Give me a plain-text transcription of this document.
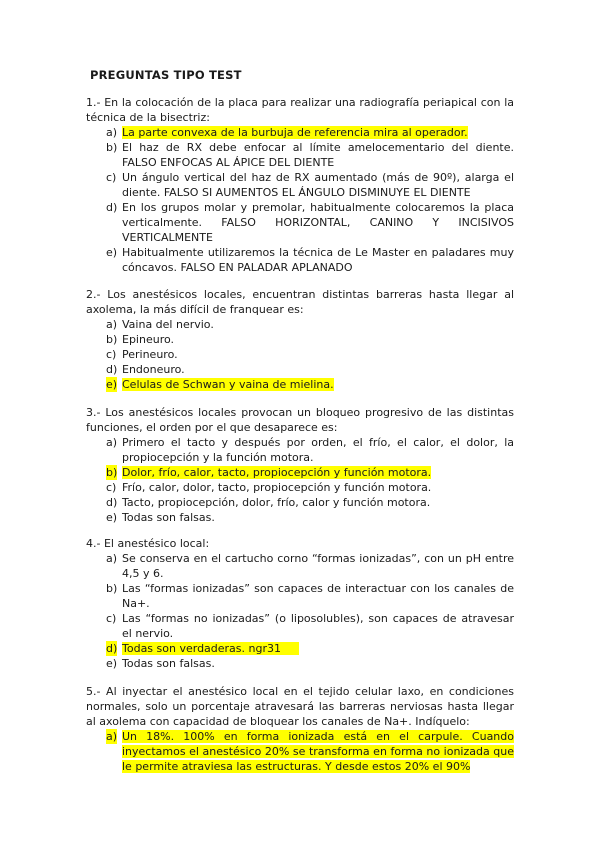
PREGUNTAS TIPO TEST
1.- En la colocación de la placa para realizar una radiografía periapical con la técnica de la bisectriz:
a) La parte convexa de la burbuja de referencia mira al operador.
b) El haz de RX debe enfocar al límite amelocementario del diente. FALSO ENFOCAS AL ÁPICE DEL DIENTE
c) Un ángulo vertical del haz de RX aumentado (más de 90º), alarga el diente. FALSO SI AUMENTOS EL ÁNGULO DISMINUYE EL DIENTE
d) En los grupos molar y premolar, habitualmente colocaremos la placa verticalmente. FALSO HORIZONTAL, CANINO Y INCISIVOS VERTICALMENTE
e) Habitualmente utilizaremos la técnica de Le Master en paladares muy cóncavos. FALSO EN PALADAR APLANADO
2.- Los anestésicos locales, encuentran distintas barreras hasta llegar al axolema, la más difícil de franquear es:
a) Vaina del nervio.
b) Epineuro.
c) Perineuro.
d) Endoneuro.
e) Celulas de Schwan y vaina de mielina.
3.- Los anestésicos locales provocan un bloqueo progresivo de las distintas funciones, el orden por el que desaparece es:
a) Primero el tacto y después por orden, el frío, el calor, el dolor, la propiocepción y la función motora.
b) Dolor, frío, calor, tacto, propiocepción y función motora.
c) Frío, calor, dolor, tacto, propiocepción y función motora.
d) Tacto, propiocepción, dolor, frío, calor y función motora.
e) Todas son falsas.
4.- El anestésico local:
a) Se conserva en el cartucho corno “formas ionizadas”, con un pH entre 4,5 y 6.
b) Las “formas ionizadas” son capaces de interactuar con los canales de Na+.
c) Las “formas no ionizadas” (o liposolubles), son capaces de atravesar el nervio.
d) Todas son verdaderas. ngr31
e) Todas son falsas.
5.- Al inyectar el anestésico local en el tejido celular laxo, en condiciones normales, solo un porcentaje atravesará las barreras nerviosas hasta llegar al axolema con capacidad de bloquear los canales de Na+. Indíquelo:
a) Un 18%. 100% en forma ionizada está en el carpule. Cuando inyectamos el anestésico 20% se transforma en forma no ionizada que le permite atraviesa las estructuras. Y desde estos 20% el 90%
